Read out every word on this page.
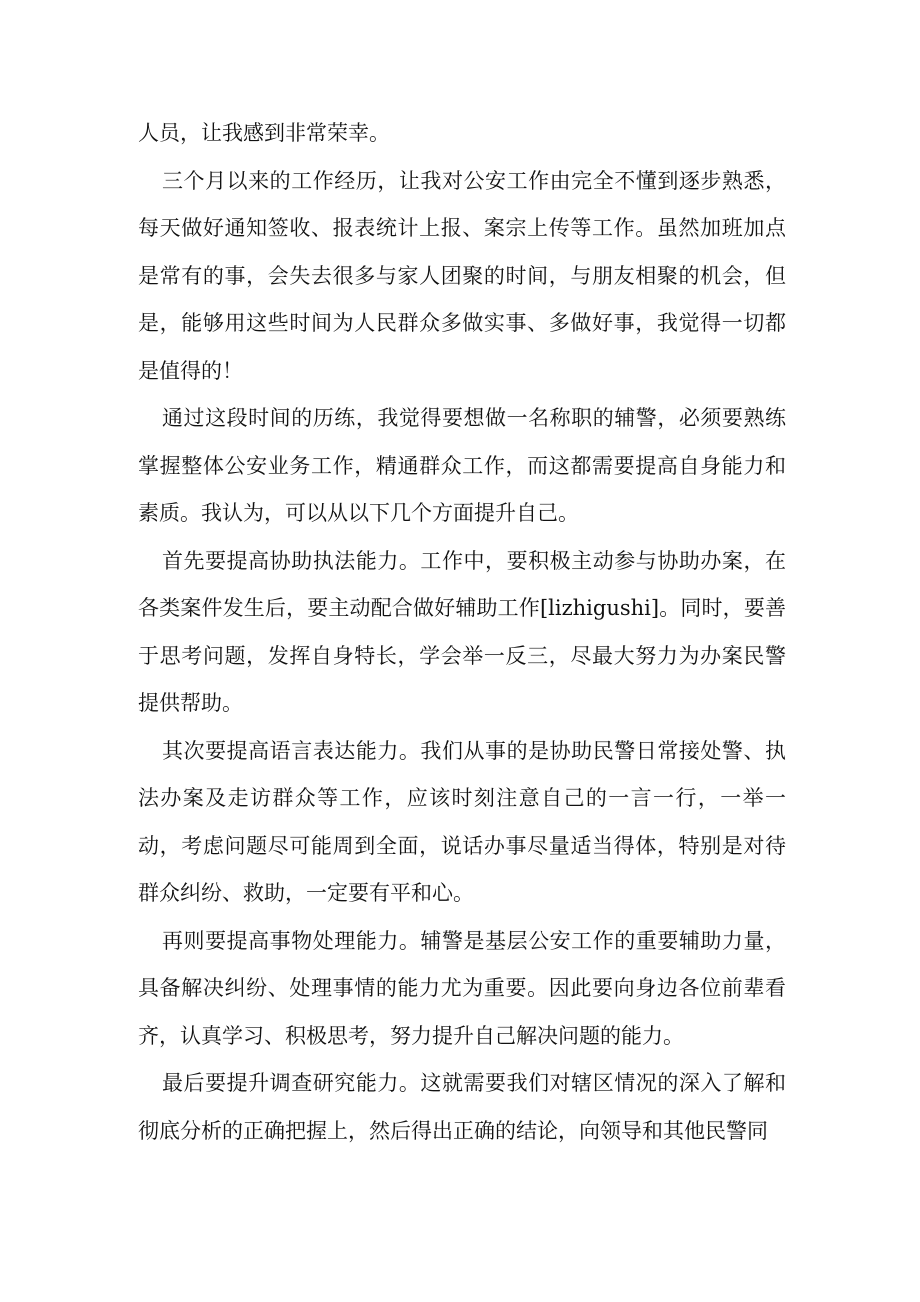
人员，让我感到非常荣幸。

三个月以来的工作经历，让我对公安工作由完全不懂到逐步熟悉，每天做好通知签收、报表统计上报、案宗上传等工作。虽然加班加点是常有的事，会失去很多与家人团聚的时间，与朋友相聚的机会，但是，能够用这些时间为人民群众多做实事、多做好事，我觉得一切都是值得的！

通过这段时间的历练，我觉得要想做一名称职的辅警，必须要熟练掌握整体公安业务工作，精通群众工作，而这都需要提高自身能力和素质。我认为，可以从以下几个方面提升自己。

首先要提高协助执法能力。工作中，要积极主动参与协助办案，在各类案件发生后，要主动配合做好辅助工作[lizhigushi]。同时，要善于思考问题，发挥自身特长，学会举一反三，尽最大努力为办案民警提供帮助。

其次要提高语言表达能力。我们从事的是协助民警日常接处警、执法办案及走访群众等工作，应该时刻注意自己的一言一行，一举一动，考虑问题尽可能周到全面，说话办事尽量适当得体，特别是对待群众纠纷、救助，一定要有平和心。

再则要提高事物处理能力。辅警是基层公安工作的重要辅助力量，具备解决纠纷、处理事情的能力尤为重要。因此要向身边各位前辈看齐，认真学习、积极思考，努力提升自己解决问题的能力。

最后要提升调查研究能力。这就需要我们对辖区情况的深入了解和彻底分析的正确把握上，然后得出正确的结论，向领导和其他民警同
